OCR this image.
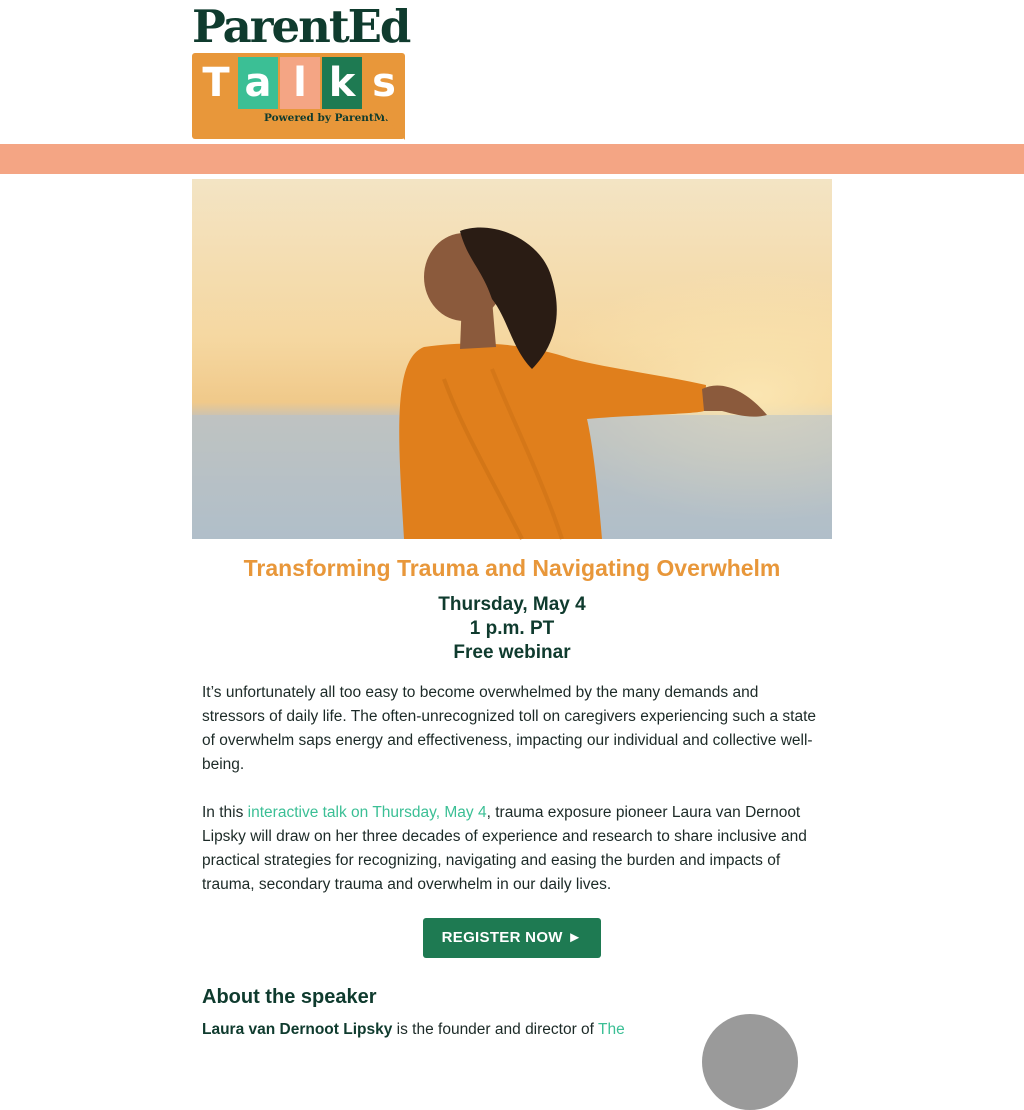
ParentEd
T a l k s
Powered by ParentMap
Transforming Trauma and Navigating Overwhelm
Thursday, May 4
1 p.m. PT
Free webinar

It’s unfortunately all too easy to become overwhelmed by the many demands and stressors of daily life. The often-unrecognized toll on caregivers experiencing such a state of overwhelm saps energy and effectiveness, impacting our individual and collective well-being.

In this interactive talk on Thursday, May 4, trauma exposure pioneer Laura van Dernoot Lipsky will draw on her three decades of experience and research to share inclusive and practical strategies for recognizing, navigating and easing the burden and impacts of trauma, secondary trauma and overwhelm in our daily lives.

REGISTER NOW ►
About the speaker

Laura van Dernoot Lipsky is the founder and director of The
